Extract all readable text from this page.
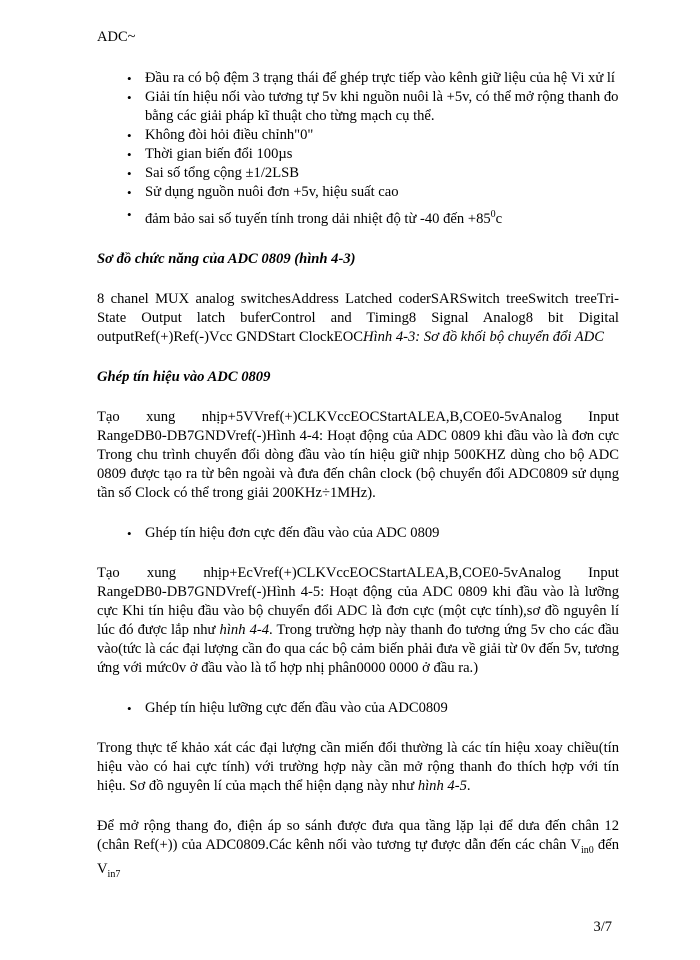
ADC~
• Đầu ra có bộ đệm 3 trạng thái để ghép trực tiếp vào kênh giữ liệu của hệ Vi xử lí
• Giải tín hiệu nối vào tương tự 5v khi nguồn nuôi là +5v, có thể mở rộng thanh đo bằng các giải pháp kĩ thuật cho từng mạch cụ thể.
• Không đòi hỏi điều chỉnh"0"
• Thời gian biến đổi 100µs
• Sai số tổng cộng ±1/2LSB
• Sử dụng nguồn nuôi đơn +5v, hiệu suất cao
• đảm bảo sai số tuyến tính trong dải nhiệt độ từ -40 đến $+85^0c$

Sơ đồ chức năng của ADC 0809 (hình 4-3)

8 chanel MUX analog switchesAddress Latched coderSARSwitch treeSwitch treeTri-State Output latch buferControl and Timing8 Signal Analog8 bit Digital outputRef(+)Ref(-)Vcc GNDStart ClockEOCHình 4-3: Sơ đồ khối bộ chuyển đổi ADC

Ghép tín hiệu vào ADC 0809

Tạo xung nhịp+5VVref(+)CLKVccEOCStartALEA,B,COE0-5vAnalog Input RangeDB0-DB7GNDVref(-)Hình 4-4: Hoạt động của ADC 0809 khi đầu vào là đơn cực Trong chu trình chuyển đổi dòng đầu vào tín hiệu giữ nhịp 500KHZ dùng cho bộ ADC 0809 được tạo ra từ bên ngoài và đưa đến chân clock (bộ chuyển đổi ADC0809 sử dụng tần số Clock có thể trong giải 200KHz÷1MHz).

• Ghép tín hiệu đơn cực đến đầu vào của ADC 0809

Tạo xung nhịp+EcVref(+)CLKVccEOCStartALEA,B,COE0-5vAnalog Input RangeDB0-DB7GNDVref(-)Hình 4-5: Hoạt động của ADC 0809 khi đầu vào là lưỡng cực Khi tín hiệu đầu vào bộ chuyển đổi ADC là đơn cực (một cực tính),sơ đồ nguyên lí lúc đó được lắp như hình 4-4. Trong trường hợp này thanh đo tương ứng 5v cho các đầu vào(tức là các đại lượng cần đo qua các bộ cảm biến phải đưa về giải từ 0v đến 5v, tương ứng với mức0v ở đầu vào là tổ hợp nhị phân0000 0000 ở đầu ra.)

• Ghép tín hiệu lưỡng cực đến đầu vào của ADC0809

Trong thực tế khảo xát các đại lượng cần miến đổi thường là các tín hiệu xoay chiều(tín hiệu vào có hai cực tính) với trường hợp này cần mở rộng thanh đo thích hợp với tín hiệu. Sơ đồ nguyên lí của mạch thể hiện dạng này như hình 4-5.

Để mở rộng thang đo, điện áp so sánh được đưa qua tầng lặp lại để dưa đến chân 12 (chân Ref(+)) của ADC0809.Các kênh nối vào tương tự được dẫn đến các chân $V_{in0}$ đến $V_{in7}$

3/7
